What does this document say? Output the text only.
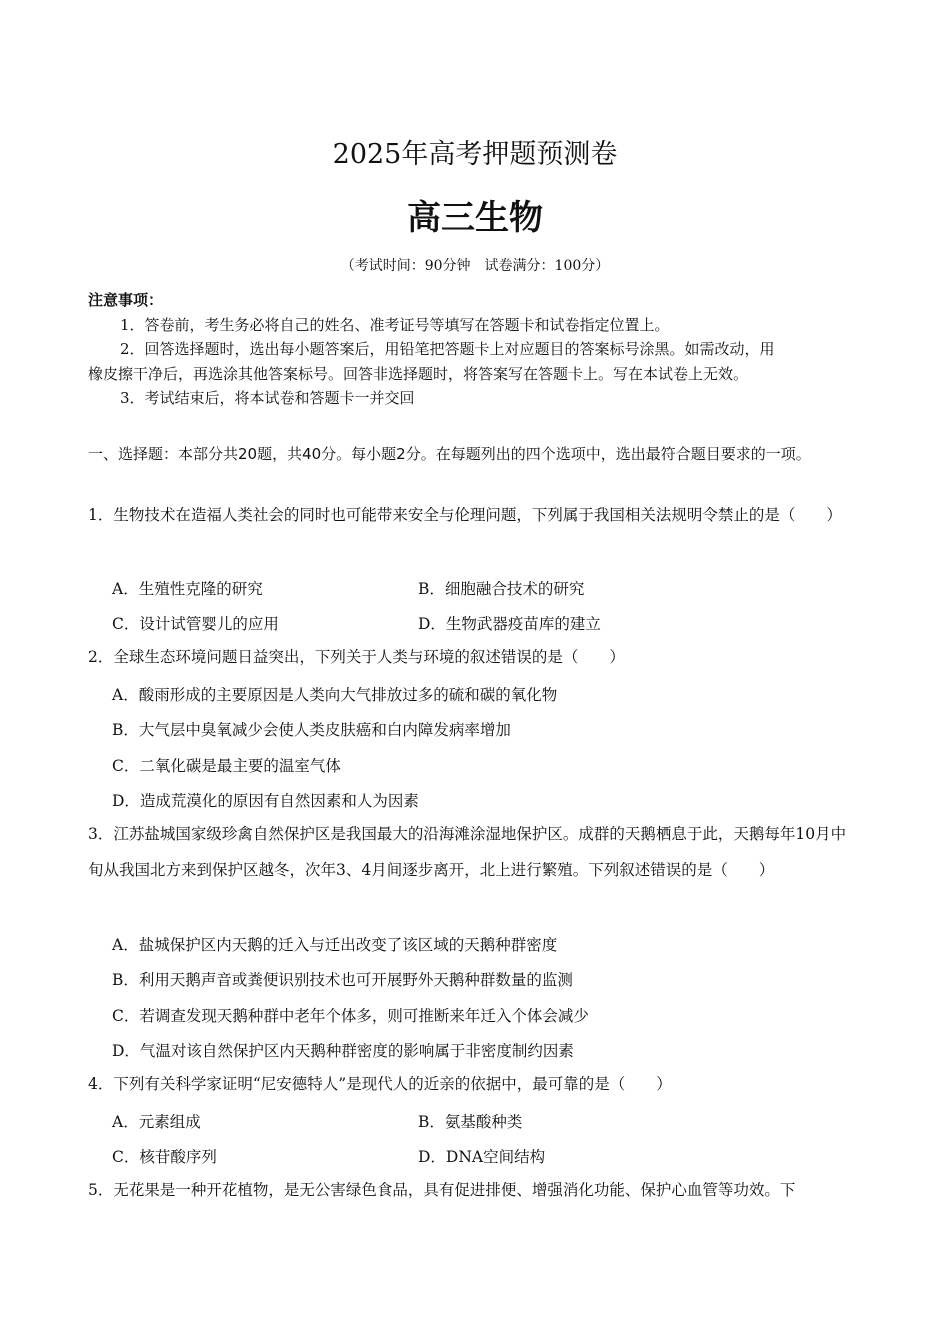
2025年高考押题预测卷
高三生物
（考试时间：90分钟　试卷满分：100分）
注意事项：
1．答卷前，考生务必将自己的姓名、准考证号等填写在答题卡和试卷指定位置上。
2．回答选择题时，选出每小题答案后，用铅笔把答题卡上对应题目的答案标号涂黑。如需改动，用橡皮擦干净后，再选涂其他答案标号。回答非选择题时，将答案写在答题卡上。写在本试卷上无效。
3．考试结束后，将本试卷和答题卡一并交回
一、选择题：本部分共20题，共40分。每小题2分。在每题列出的四个选项中，选出最符合题目要求的一项。

1．生物技术在造福人类社会的同时也可能带来安全与伦理问题，下列属于我国相关法规明令禁止的是（　　）

A．生殖性克隆的研究	B．细胞融合技术的研究
C．设计试管婴儿的应用	D．生物武器疫苗库的建立

2．全球生态环境问题日益突出，下列关于人类与环境的叙述错误的是（　　）

A．酸雨形成的主要原因是人类向大气排放过多的硫和碳的氧化物
B．大气层中臭氧减少会使人类皮肤癌和白内障发病率增加
C．二氧化碳是最主要的温室气体
D．造成荒漠化的原因有自然因素和人为因素

3．江苏盐城国家级珍禽自然保护区是我国最大的沿海滩涂湿地保护区。成群的天鹅栖息于此，天鹅每年10月中旬从我国北方来到保护区越冬，次年3、4月间逐步离开，北上进行繁殖。下列叙述错误的是（　　）

A．盐城保护区内天鹅的迁入与迁出改变了该区域的天鹅种群密度
B．利用天鹅声音或粪便识别技术也可开展野外天鹅种群数量的监测
C．若调查发现天鹅种群中老年个体多，则可推断来年迁入个体会减少
D．气温对该自然保护区内天鹅种群密度的影响属于非密度制约因素

4．下列有关科学家证明“尼安德特人”是现代人的近亲的依据中，最可靠的是（　　）

A．元素组成	B．氨基酸种类
C．核苷酸序列	D．DNA空间结构

5．无花果是一种开花植物，是无公害绿色食品，具有促进排便、增强消化功能、保护心血管等功效。下
